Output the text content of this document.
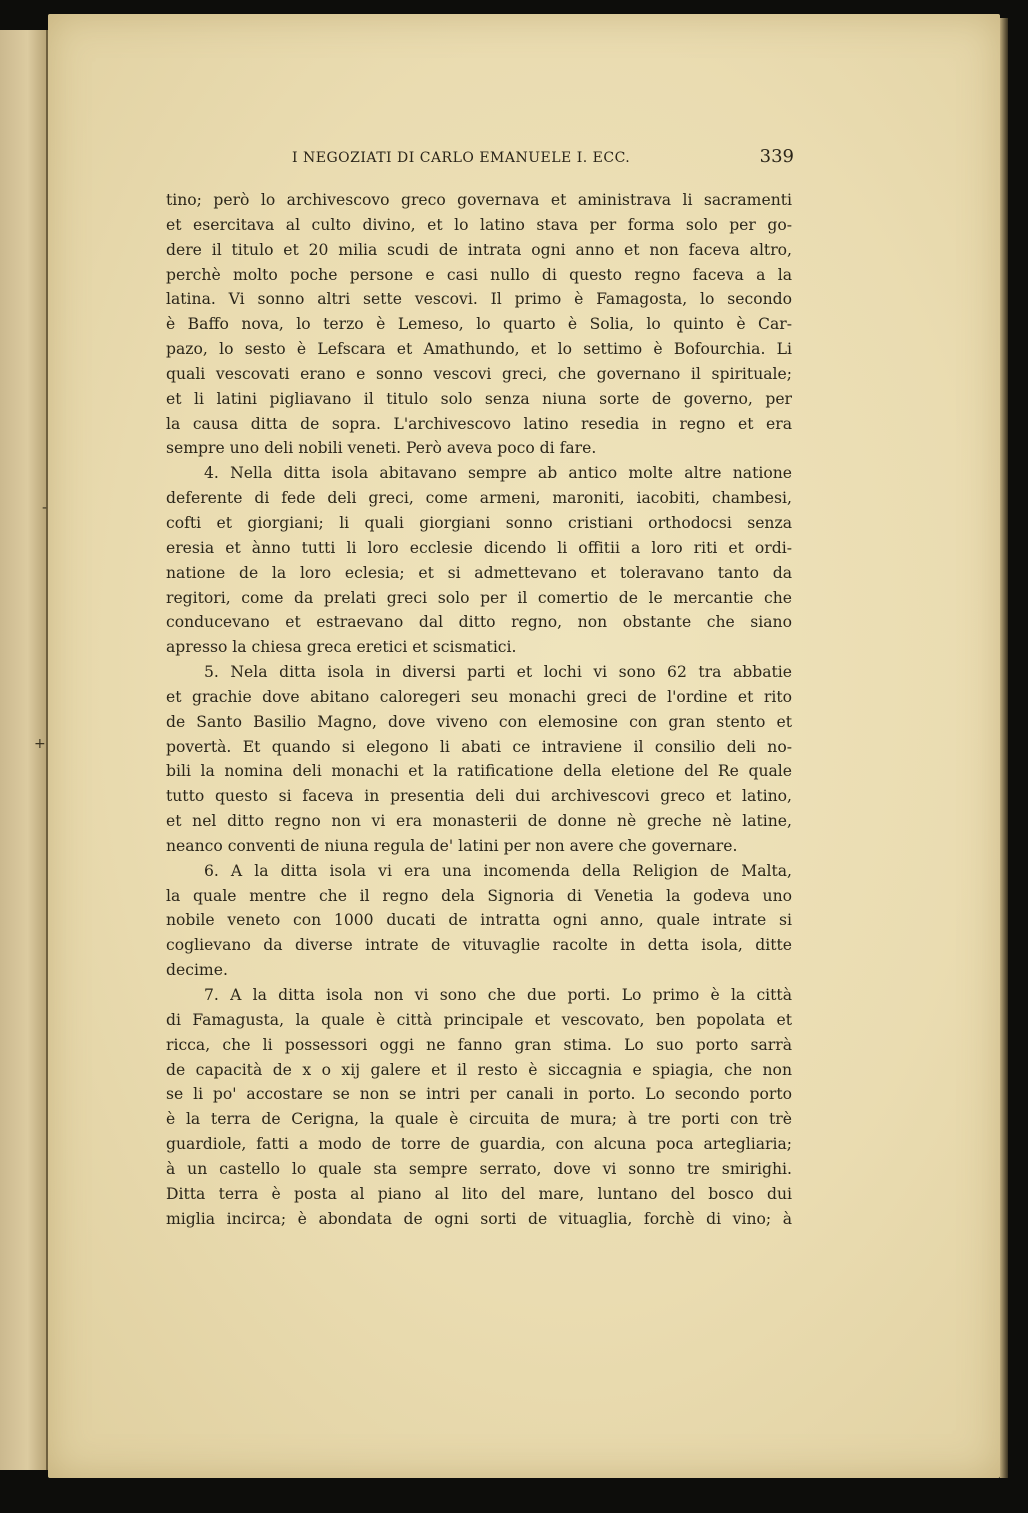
I NEGOZIATI DI CARLO EMANUELE I. ECC.	339
-
+
tino; però lo archivescovo greco governava et aministrava li sacramenti
et esercitava al culto divino, et lo latino stava per forma solo per go-
dere il titulo et 20 milia scudi de intrata ogni anno et non faceva altro,
perchè molto poche persone e casi nullo di questo regno faceva a la
latina. Vi sonno altri sette vescovi. Il primo è Famagosta, lo secondo
è Baffo nova, lo terzo è Lemeso, lo quarto è Solia, lo quinto è Car-
pazo, lo sesto è Lefscara et Amathundo, et lo settimo è Bofourchia. Li
quali vescovati erano e sonno vescovi greci, che governano il spirituale;
et li latini pigliavano il titulo solo senza niuna sorte de governo, per
la causa ditta de sopra. L'archivescovo latino resedia in regno et era
sempre uno deli nobili veneti. Però aveva poco di fare.
4. Nella ditta isola abitavano sempre ab antico molte altre natione
deferente di fede deli greci, come armeni, maroniti, iacobiti, chambesi,
cofti et giorgiani; li quali giorgiani sonno cristiani orthodocsi senza
eresia et ànno tutti li loro ecclesie dicendo li offitii a loro riti et ordi-
natione de la loro eclesia; et si admettevano et toleravano tanto da
regitori, come da prelati greci solo per il comertio de le mercantie che
conducevano et estraevano dal ditto regno, non obstante che siano
apresso la chiesa greca eretici et scismatici.
5. Nela ditta isola in diversi parti et lochi vi sono 62 tra abbatie
et grachie dove abitano caloregeri seu monachi greci de l'ordine et rito
de Santo Basilio Magno, dove viveno con elemosine con gran stento et
povertà. Et quando si elegono li abati ce intraviene il consilio deli no-
bili la nomina deli monachi et la ratificatione della eletione del Re quale
tutto questo si faceva in presentia deli dui archivescovi greco et latino,
et nel ditto regno non vi era monasterii de donne nè greche nè latine,
neanco conventi de niuna regula de' latini per non avere che governare.
6. A la ditta isola vi era una incomenda della Religion de Malta,
la quale mentre che il regno dela Signoria di Venetia la godeva uno
nobile veneto con 1000 ducati de intratta ogni anno, quale intrate si
coglievano da diverse intrate de vituvaglie racolte in detta isola, ditte
decime.
7. A la ditta isola non vi sono che due porti. Lo primo è la città
di Famagusta, la quale è città principale et vescovato, ben popolata et
ricca, che li possessori oggi ne fanno gran stima. Lo suo porto sarrà
de capacità de x o xij galere et il resto è siccagnia e spiagia, che non
se li po' accostare se non se intri per canali in porto. Lo secondo porto
è la terra de Cerigna, la quale è circuita de mura; à tre porti con trè
guardiole, fatti a modo de torre de guardia, con alcuna poca artegliaria;
à un castello lo quale sta sempre serrato, dove vi sonno tre smirighi.
Ditta terra è posta al piano al lito del mare, luntano del bosco dui
miglia incirca; è abondata de ogni sorti de vituaglia, forchè di vino; à
